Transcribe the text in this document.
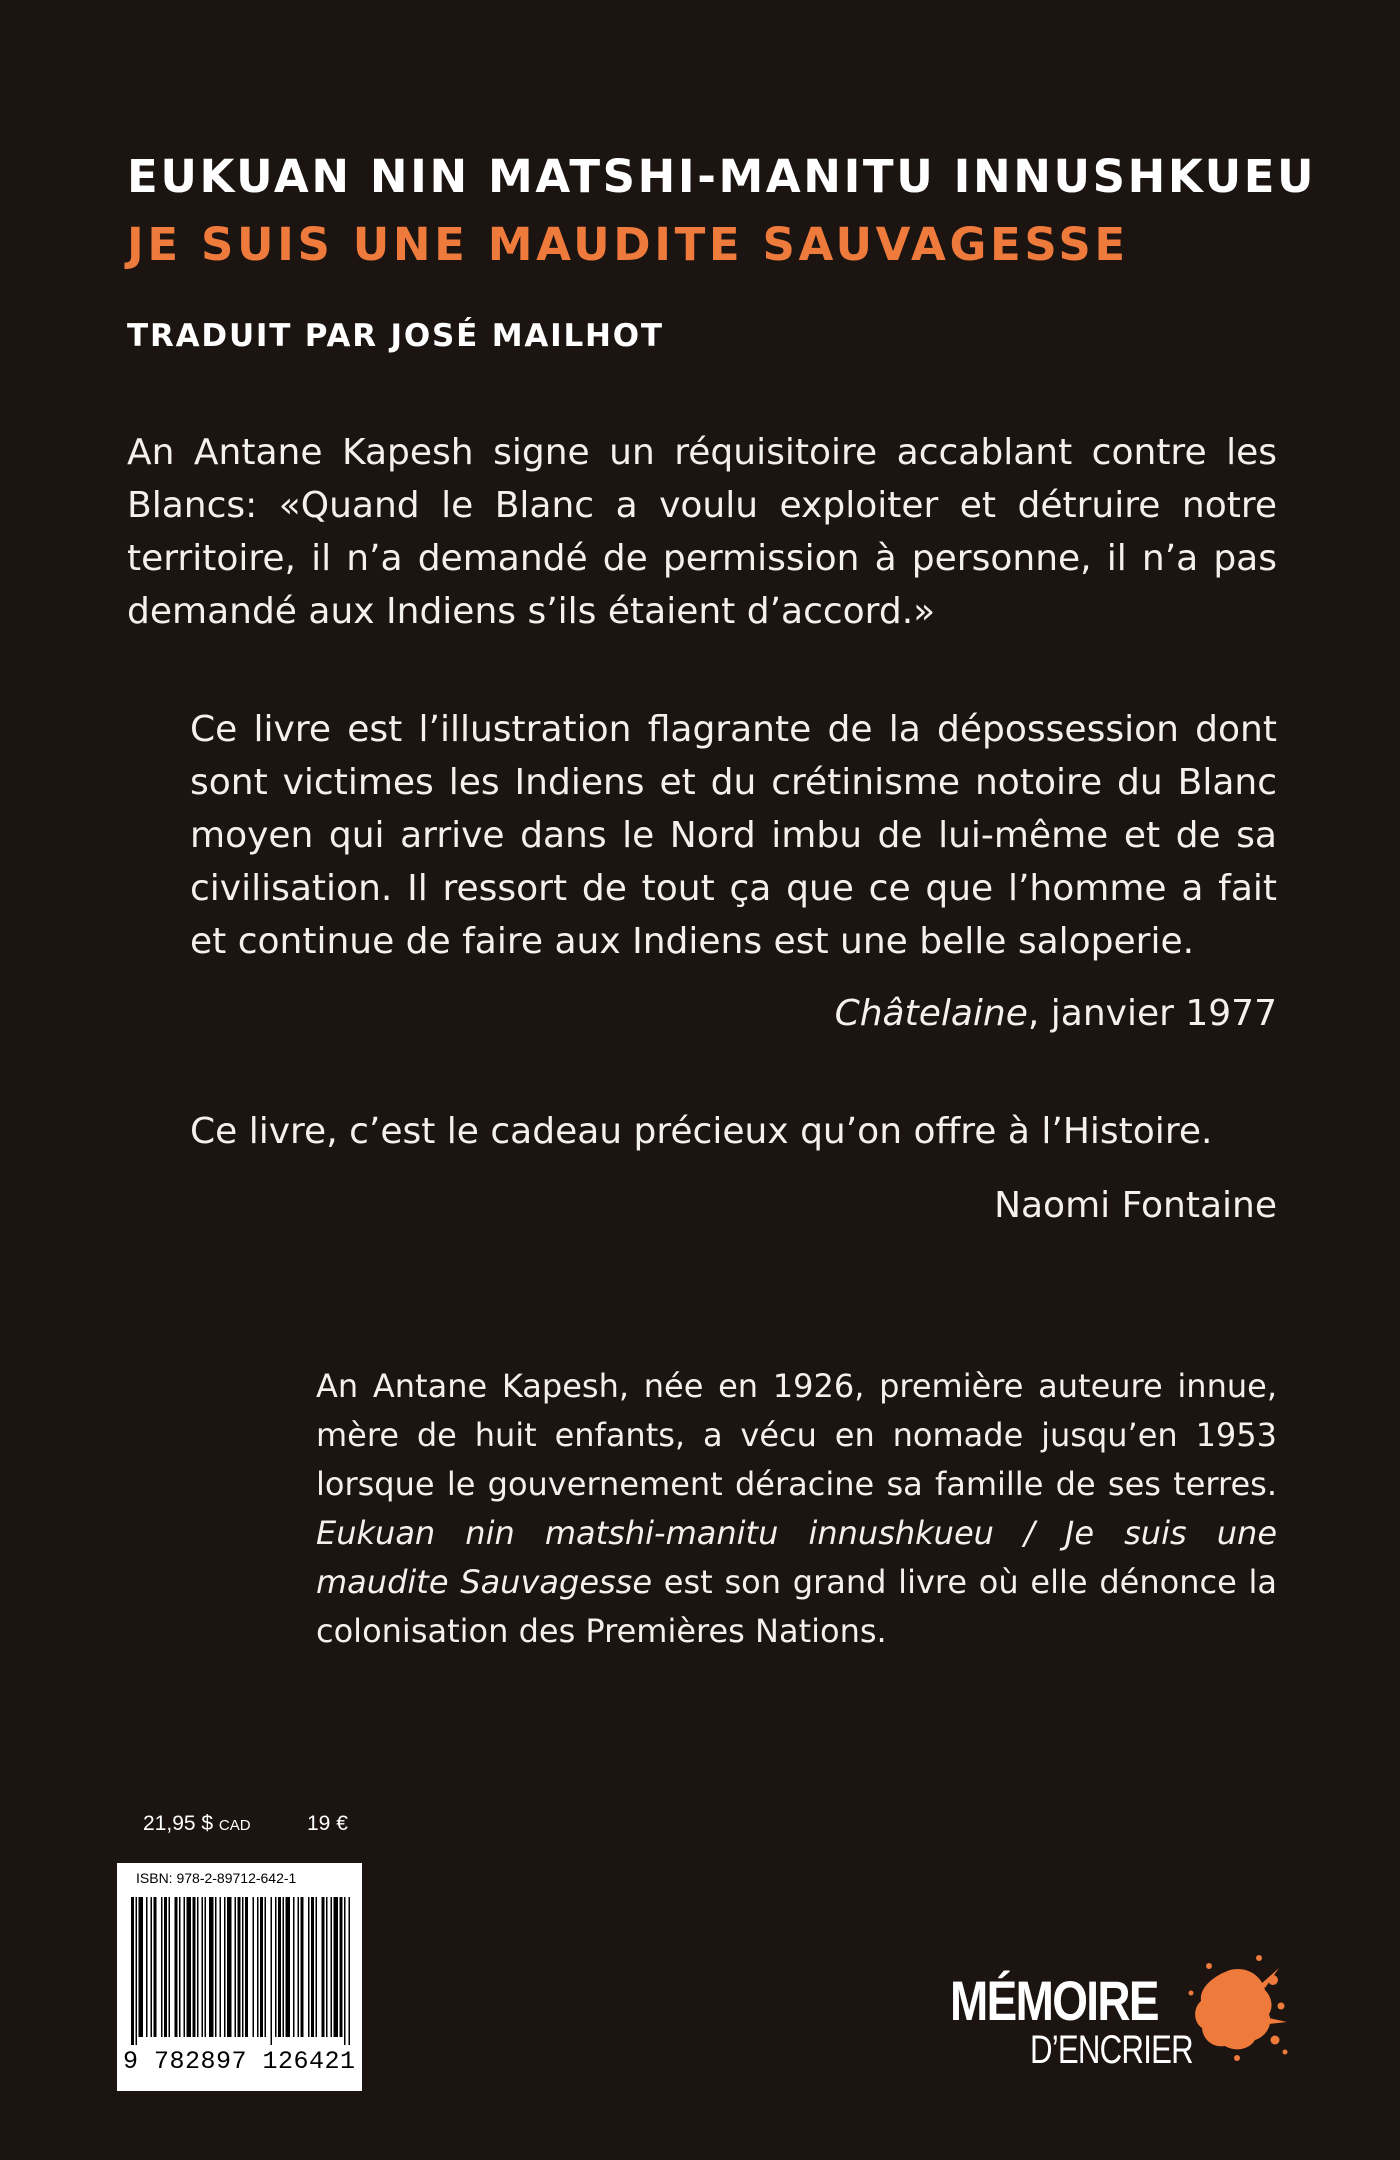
EUKUAN NIN MATSHI-MANITU INNUSHKUEU
JE SUIS UNE MAUDITE SAUVAGESSE
TRADUIT PAR JOSÉ MAILHOT

An Antane Kapesh signe un réquisitoire accablant contre les Blancs: «Quand le Blanc a voulu exploiter et détruire notre territoire, il n’a demandé de permission à personne, il n’a pas demandé aux Indiens s’ils étaient d’accord.»

Ce livre est l’illustration flagrante de la dépossession dont sont victimes les Indiens et du crétinisme notoire du Blanc moyen qui arrive dans le Nord imbu de lui-même et de sa civilisation. Il ressort de tout ça que ce que l’homme a fait et continue de faire aux Indiens est une belle saloperie.

Châtelaine, janvier 1977

Ce livre, c’est le cadeau précieux qu’on offre à l’Histoire.

Naomi Fontaine

An Antane Kapesh, née en 1926, première auteure innue, mère de huit enfants, a vécu en nomade jusqu’en 1953 lorsque le gouvernement déracine sa famille de ses terres. Eukuan nin matshi-manitu innushkueu / Je suis une maudite Sauvagesse est son grand livre où elle dénonce la colonisation des Premières Nations.

21,95 $ CAD	19 €
ISBN: 978-2-89712-642-1
9 782897 126421
MÉMOIRE
D’ENCRIER
